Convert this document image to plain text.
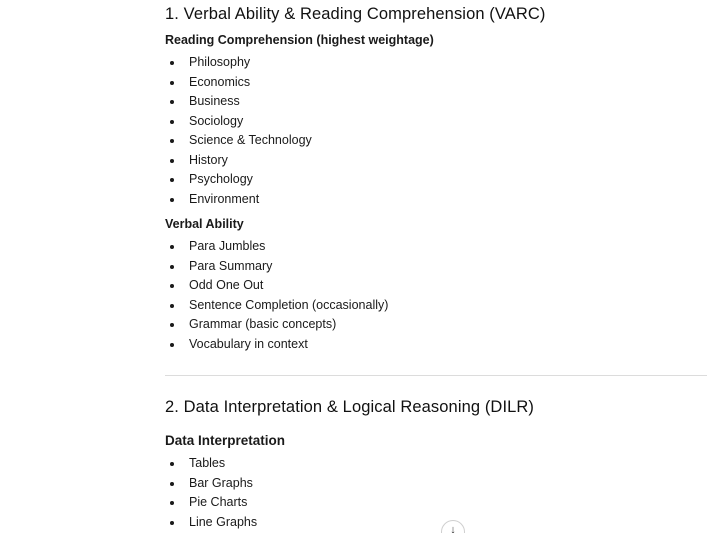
1. Verbal Ability & Reading Comprehension (VARC)
Reading Comprehension (highest weightage)
Philosophy
Economics
Business
Sociology
Science & Technology
History
Psychology
Environment
Verbal Ability
Para Jumbles
Para Summary
Odd One Out
Sentence Completion (occasionally)
Grammar (basic concepts)
Vocabulary in context
2. Data Interpretation & Logical Reasoning (DILR)
Data Interpretation
Tables
Bar Graphs
Pie Charts
Line Graphs
↓
